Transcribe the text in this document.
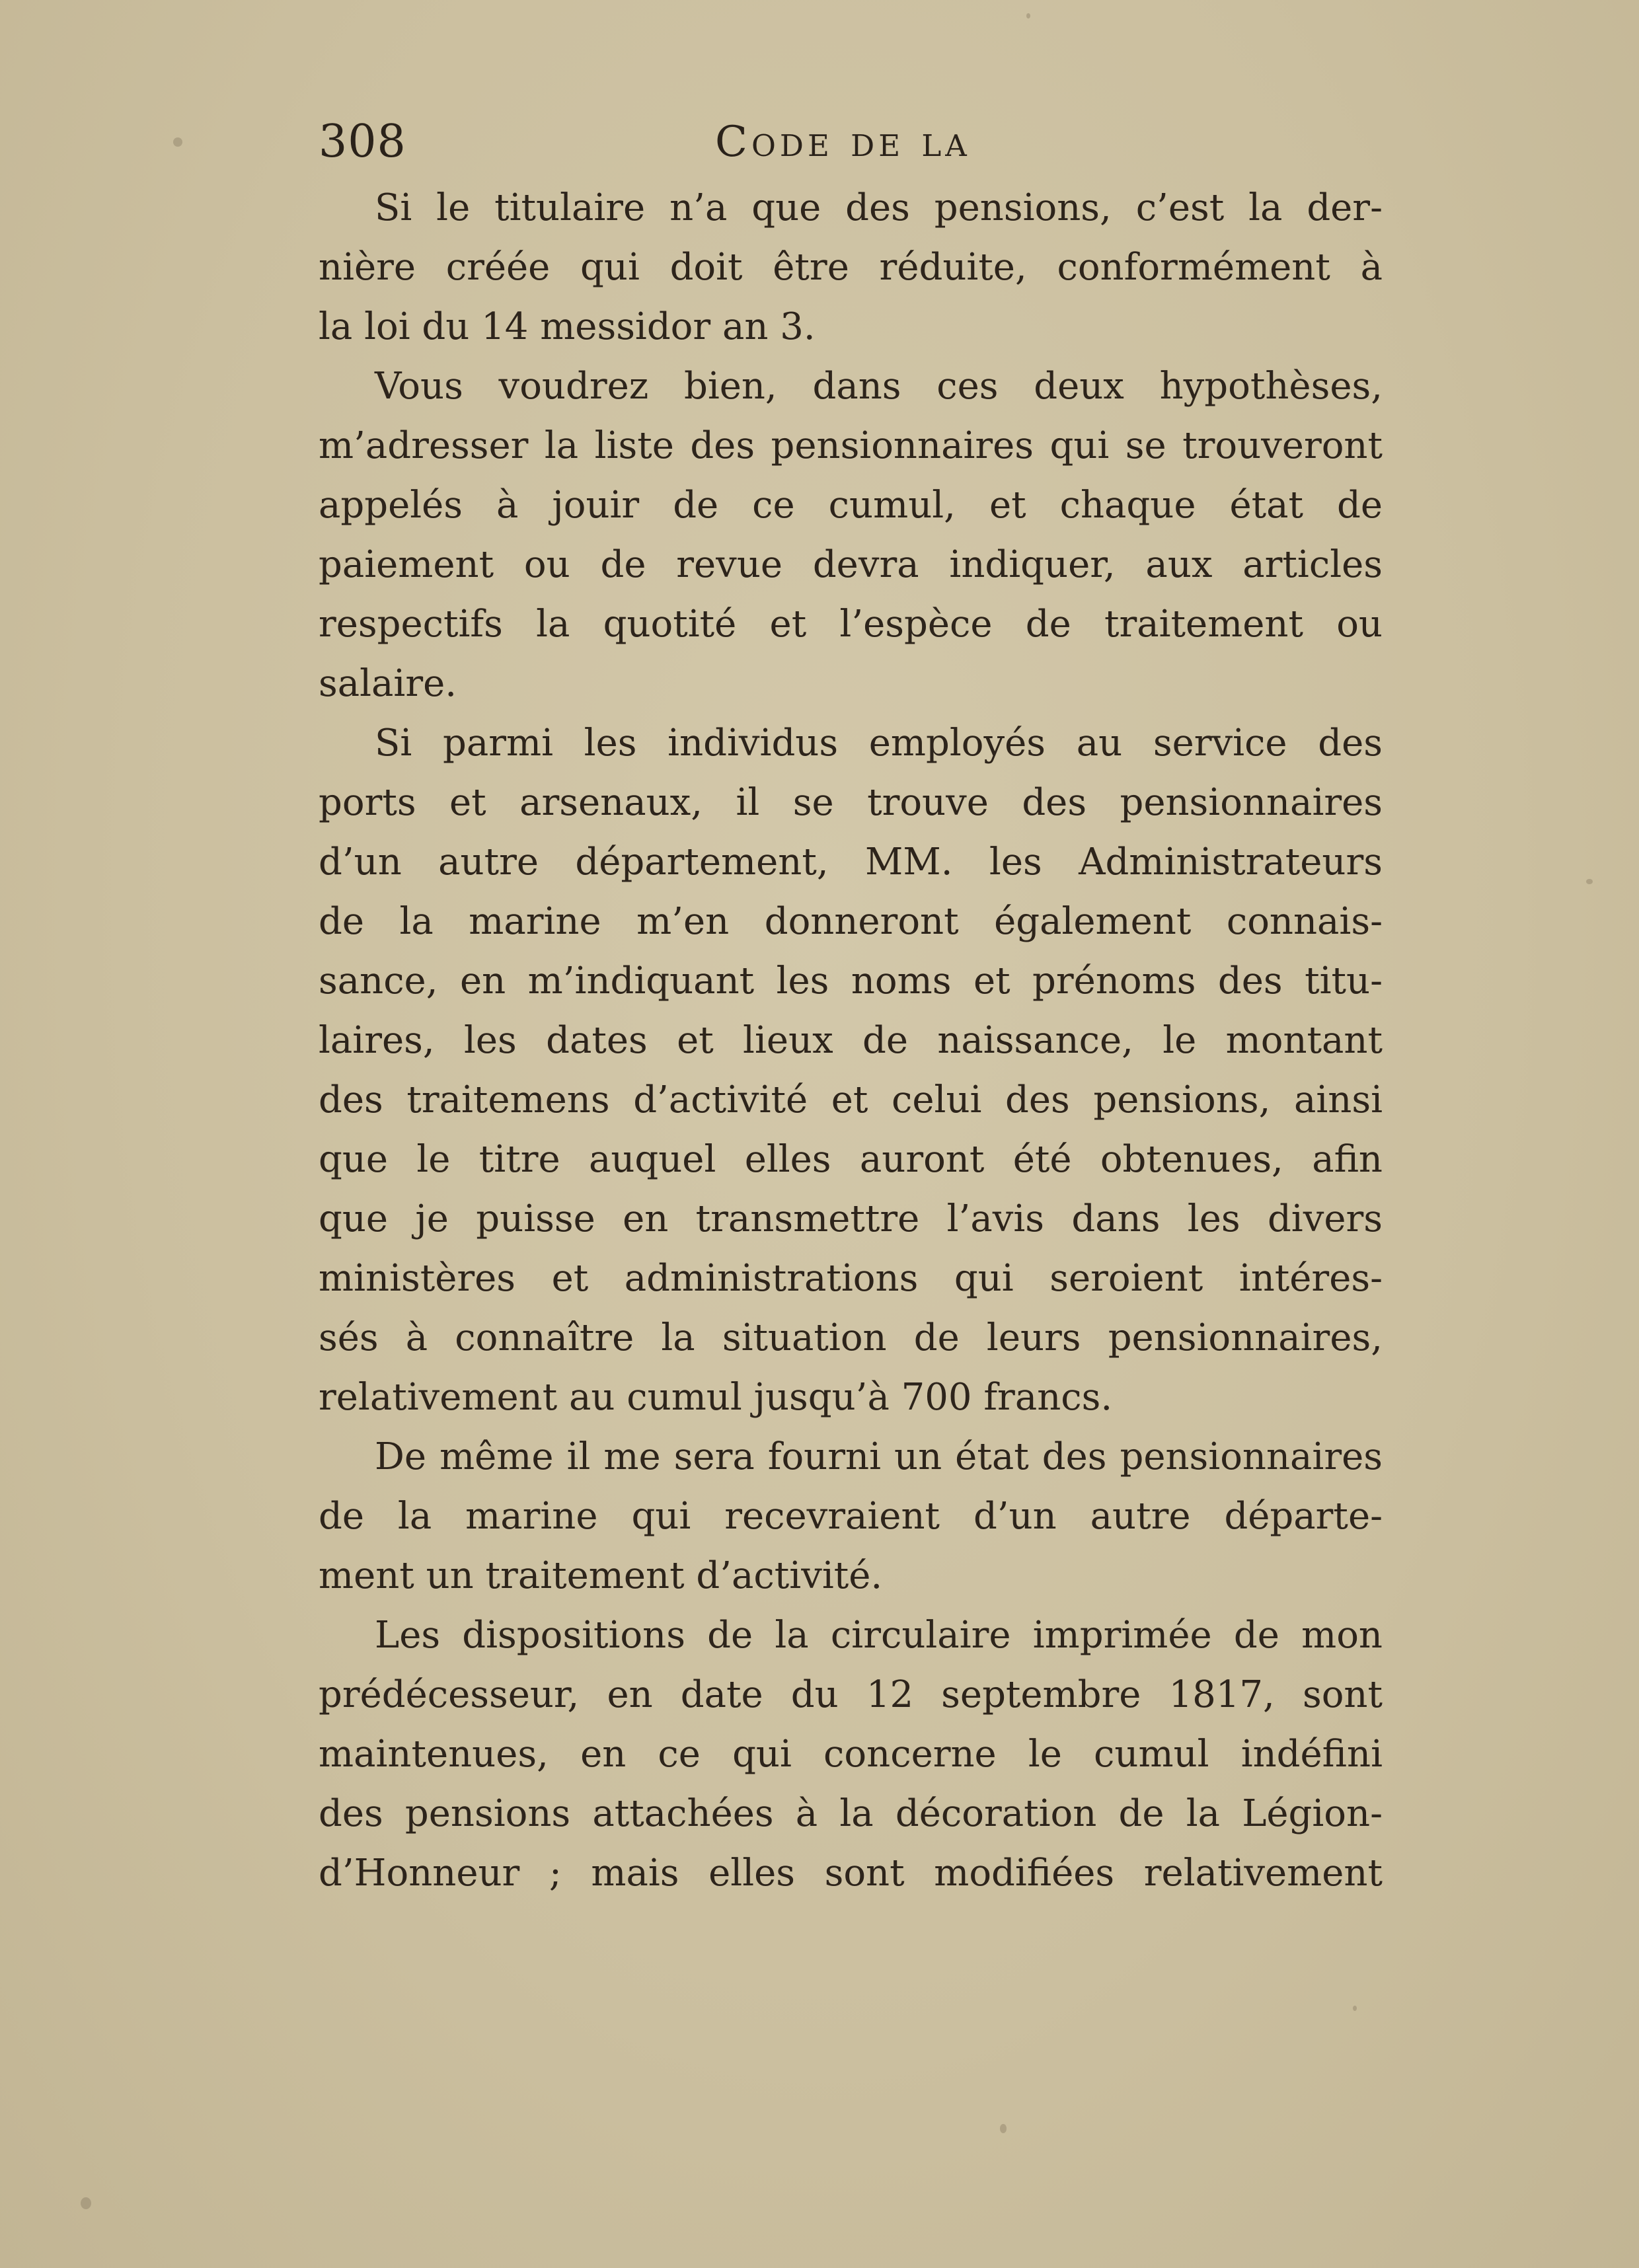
308	Code de la

Si le titulaire n’a que des pensions, c’est la der-
nière créée qui doit être réduite, conformément à
la loi du 14 messidor an 3.

Vous voudrez bien, dans ces deux hypothèses,
m’adresser la liste des pensionnaires qui se trouveront
appelés à jouir de ce cumul, et chaque état de
paiement ou de revue devra indiquer, aux articles
respectifs la quotité et l’espèce de traitement ou
salaire.

Si parmi les individus employés au service des
ports et arsenaux, il se trouve des pensionnaires
d’un autre département, MM. les Administrateurs
de la marine m’en donneront également connais-
sance, en m’indiquant les noms et prénoms des titu-
laires, les dates et lieux de naissance, le montant
des traitemens d’activité et celui des pensions, ainsi
que le titre auquel elles auront été obtenues, afin
que je puisse en transmettre l’avis dans les divers
ministères et administrations qui seroient intéres-
sés à connaître la situation de leurs pensionnaires,
relativement au cumul jusqu’à 700 francs.

De même il me sera fourni un état des pensionnaires
de la marine qui recevraient d’un autre départe-
ment un traitement d’activité.

Les dispositions de la circulaire imprimée de mon
prédécesseur, en date du 12 septembre 1817, sont
maintenues, en ce qui concerne le cumul indéfini
des pensions attachées à la décoration de la Légion-
d’Honneur ; mais elles sont modifiées relativement
